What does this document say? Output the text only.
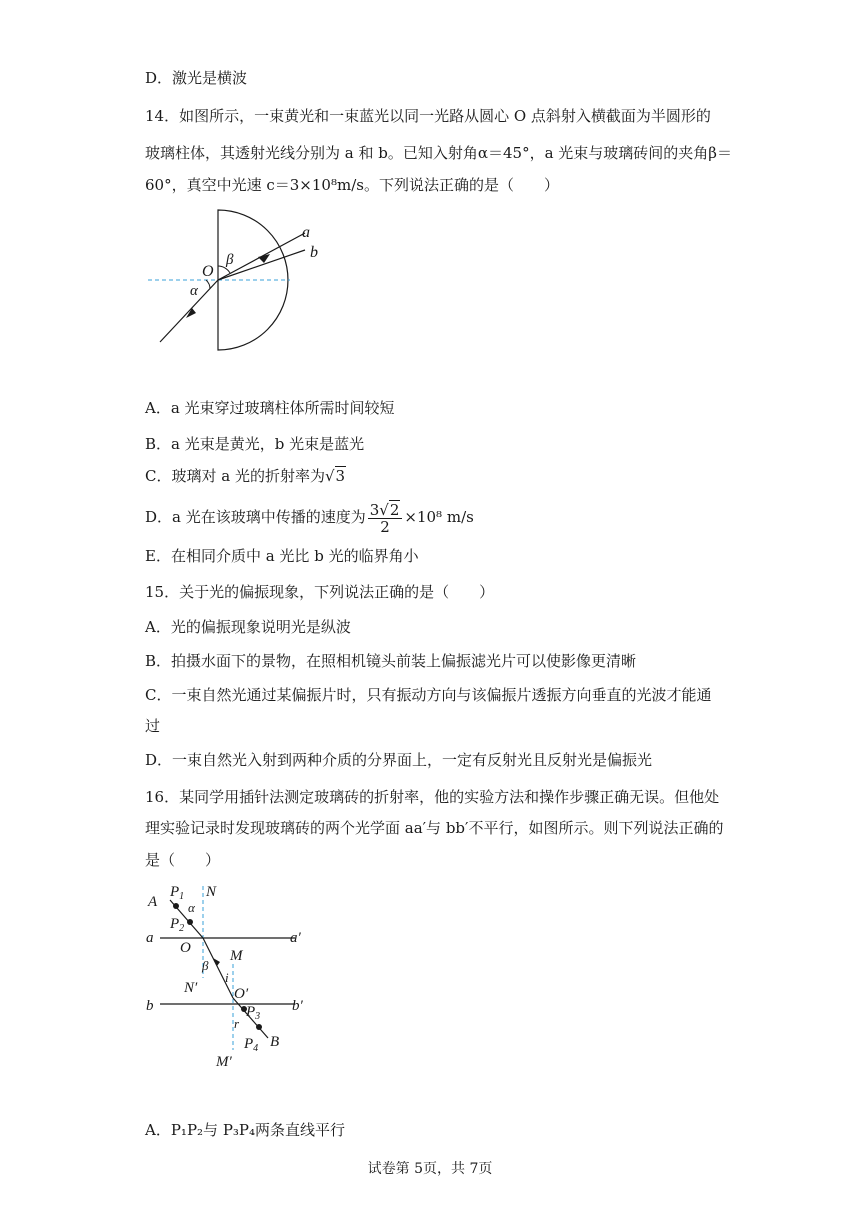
D．激光是横波
14．如图所示，一束黄光和一束蓝光以同一光路从圆心 O 点斜射入横截面为半圆形的
玻璃柱体，其透射光线分别为 a 和 b。已知入射角α＝45°，a 光束与玻璃砖间的夹角β＝
60°，真空中光速 c＝3×10⁸m/s。下列说法正确的是（　　）
O
β
α
a
b
A．a 光束穿过玻璃柱体所需时间较短
B．a 光束是黄光，b 光束是蓝光
C．玻璃对 a 光的折射率为√3
D．a 光在该玻璃中传播的速度为 $\frac{3√2}{2} \times 10^8$ m/s
E．在相同介质中 a 光比 b 光的临界角小
15．关于光的偏振现象，下列说法正确的是（　　）
A．光的偏振现象说明光是纵波
B．拍摄水面下的景物，在照相机镜头前装上偏振滤光片可以使影像更清晰
C．一束自然光通过某偏振片时，只有振动方向与该偏振片透振方向垂直的光波才能通
过
D．一束自然光入射到两种介质的分界面上，一定有反射光且反射光是偏振光
16．某同学用插针法测定玻璃砖的折射率，他的实验方法和操作步骤正确无误。但他处
理实验记录时发现玻璃砖的两个光学面 aa′与 bb′不平行，如图所示。则下列说法正确的
是（　　）
A
$P_1$ N
α
$P_2$
a
O
a′
β
M
i
N′ O′
b	$P_3$
b′
r
$P_4$ B
M′
A．P₁P₂与 P₃P₄两条直线平行
试卷第 5页，共 7页
